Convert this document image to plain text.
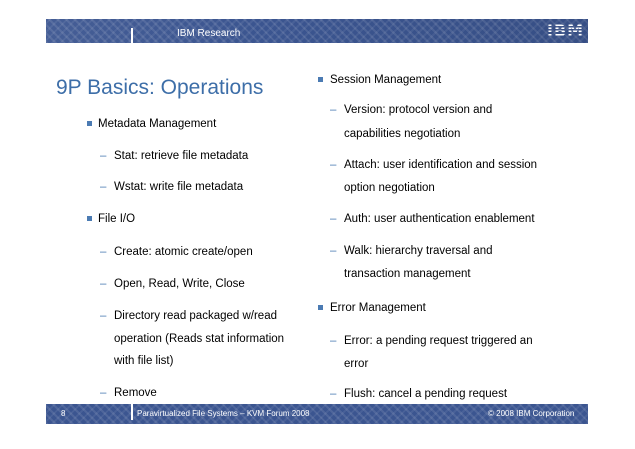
IBM Research	IBM
9P Basics: Operations
Metadata Management
– Stat: retrieve file metadata
– Wstat: write file metadata
File I/O
– Create: atomic create/open
– Open, Read, Write, Close
– Directory read packaged w/read
operation (Reads stat information
with file list)
– Remove
Session Management
– Version: protocol version and
capabilities negotiation
– Attach: user identification and session
option negotiation
– Auth: user authentication enablement
– Walk: hierarchy traversal and
transaction management
Error Management
– Error: a pending request triggered an
error
– Flush: cancel a pending request
8	Paravirtualized File Systems – KVM Forum 2008	© 2008 IBM Corporation
